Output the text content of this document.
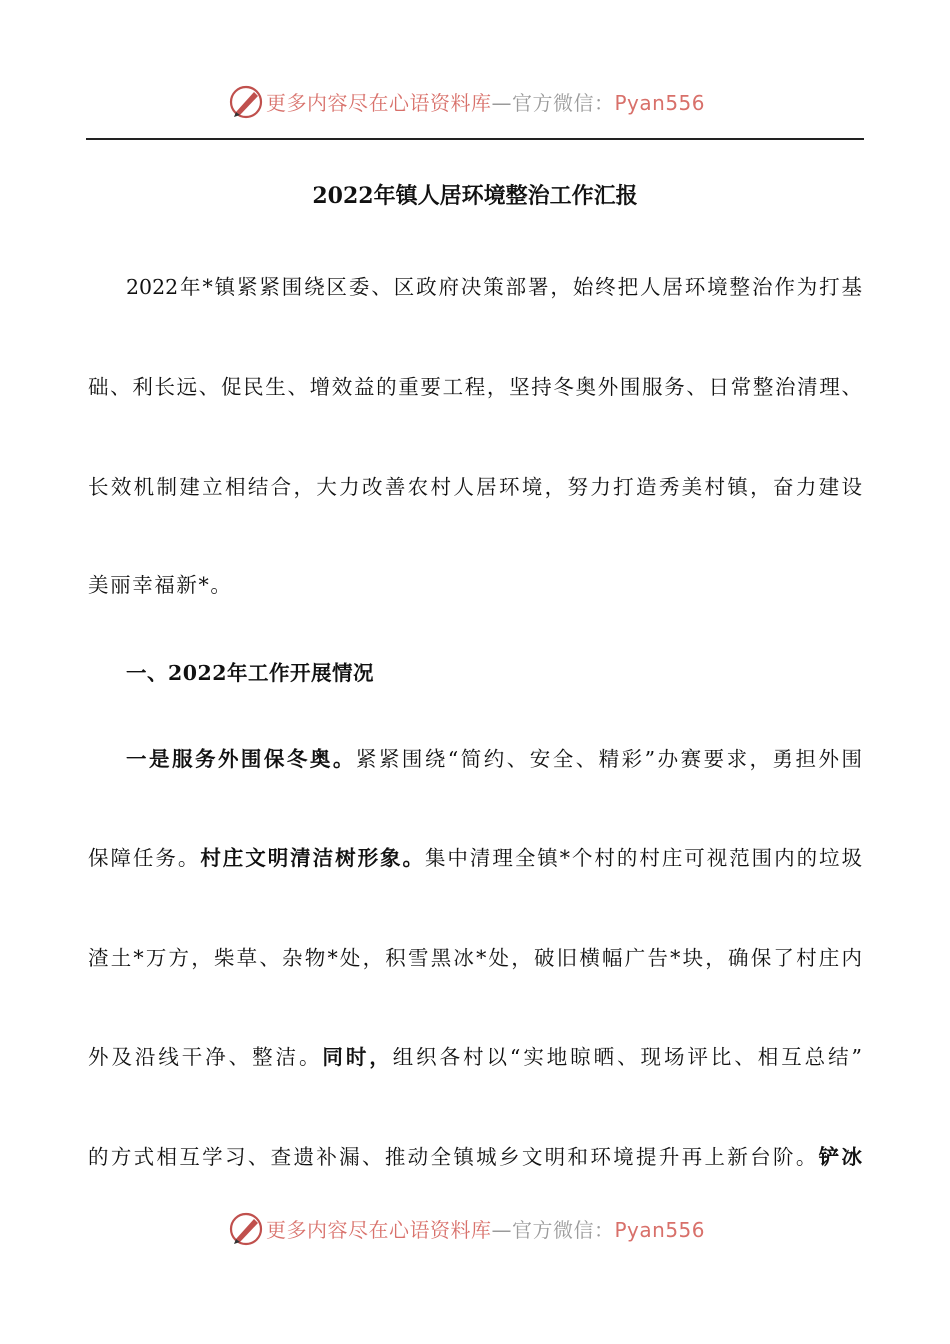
更多内容尽在心语资料库—官方微信：Pyan556
2022年镇人居环境整治工作汇报
2022年*镇紧紧围绕区委、区政府决策部署，始终把人居环境整治作为打基
础、利长远、促民生、增效益的重要工程，坚持冬奥外围服务、日常整治清理、
长效机制建立相结合，大力改善农村人居环境，努力打造秀美村镇，奋力建设
美丽幸福新*。
一、2022年工作开展情况
一是服务外围保冬奥。紧紧围绕“简约、安全、精彩”办赛要求，勇担外围
保障任务。村庄文明清洁树形象。集中清理全镇*个村的村庄可视范围内的垃圾
渣土*万方，柴草、杂物*处，积雪黑冰*处，破旧横幅广告*块，确保了村庄内
外及沿线干净、整洁。同时，组织各村以“实地晾晒、现场评比、相互总结”
的方式相互学习、查遗补漏、推动全镇城乡文明和环境提升再上新台阶。铲冰
更多内容尽在心语资料库—官方微信：Pyan556
